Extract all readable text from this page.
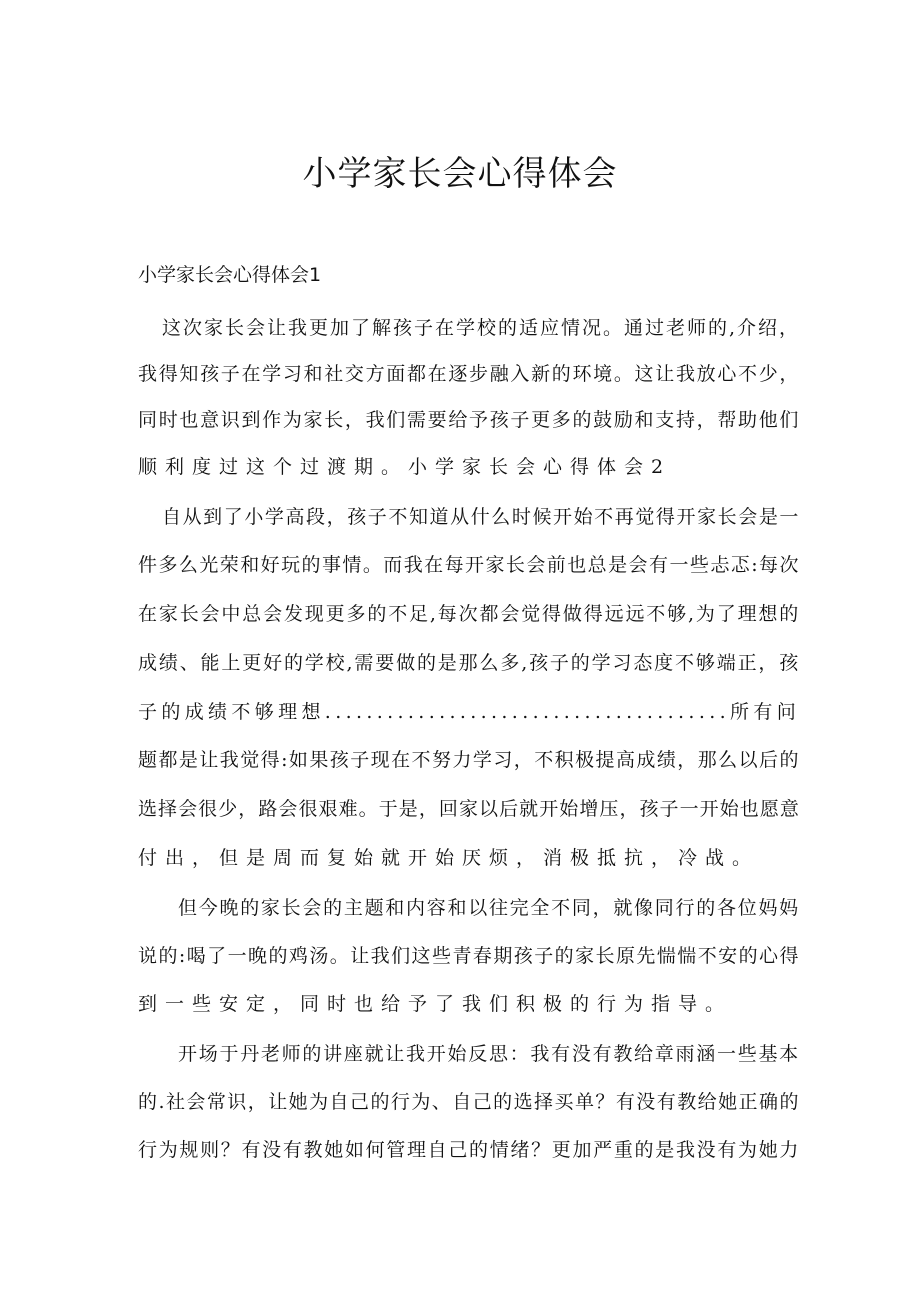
小学家长会心得体会
小学家长会心得体会1
这次家长会让我更加了解孩子在学校的适应情况。通过老师的,介绍，
我得知孩子在学习和社交方面都在逐步融入新的环境。这让我放心不少，
同时也意识到作为家长，我们需要给予孩子更多的鼓励和支持，帮助他们
顺利度过这个过渡期。小学家长会心得体会2
自从到了小学高段，孩子不知道从什么时候开始不再觉得开家长会是一
件多么光荣和好玩的事情。而我在每开家长会前也总是会有一些忐忑:每次
在家长会中总会发现更多的不足,每次都会觉得做得远远不够,为了理想的
成绩、能上更好的学校,需要做的是那么多,孩子的学习态度不够端正，孩
子的成绩不够理想.......................................所有问
题都是让我觉得:如果孩子现在不努力学习，不积极提高成绩，那么以后的
选择会很少，路会很艰难。于是，回家以后就开始增压，孩子一开始也愿意
付出，但是周而复始就开始厌烦，消极抵抗，冷战。
但今晚的家长会的主题和内容和以往完全不同，就像同行的各位妈妈
说的:喝了一晚的鸡汤。让我们这些青春期孩子的家长原先惴惴不安的心得
到一些安定，同时也给予了我们积极的行为指导。
开场于丹老师的讲座就让我开始反思：我有没有教给章雨涵一些基本
的.社会常识，让她为自己的行为、自己的选择买单？有没有教给她正确的
行为规则？有没有教她如何管理自己的情绪？更加严重的是我没有为她力
